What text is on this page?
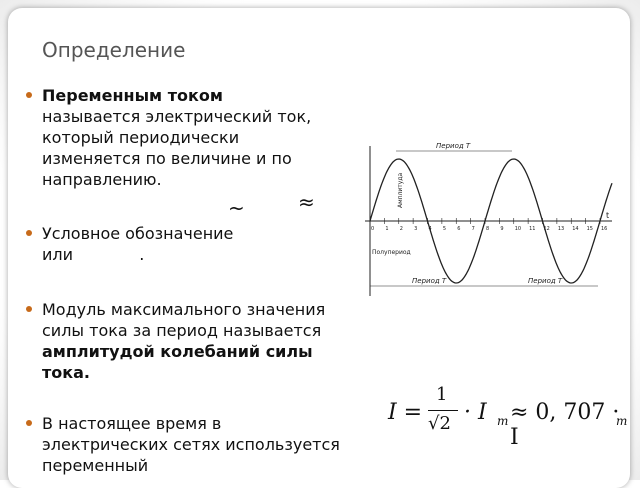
Определение
Переменным током
называется электрический ток, который периодически изменяется по величине и по направлению.
~	≈
Условное обозначение
или	.
Модуль максимального значения силы тока за период называется амплитудой колебаний силы тока.
В настоящее время в электрических сетях используется переменный
t
0 1 2 3 4 5 6 7 8 9 10 11 12 13 14 15 16
Период T
Период T	Период T
Амплитуда
Полупериод
I =
1
√2 · I m ≈ 0, 707 · I
m
